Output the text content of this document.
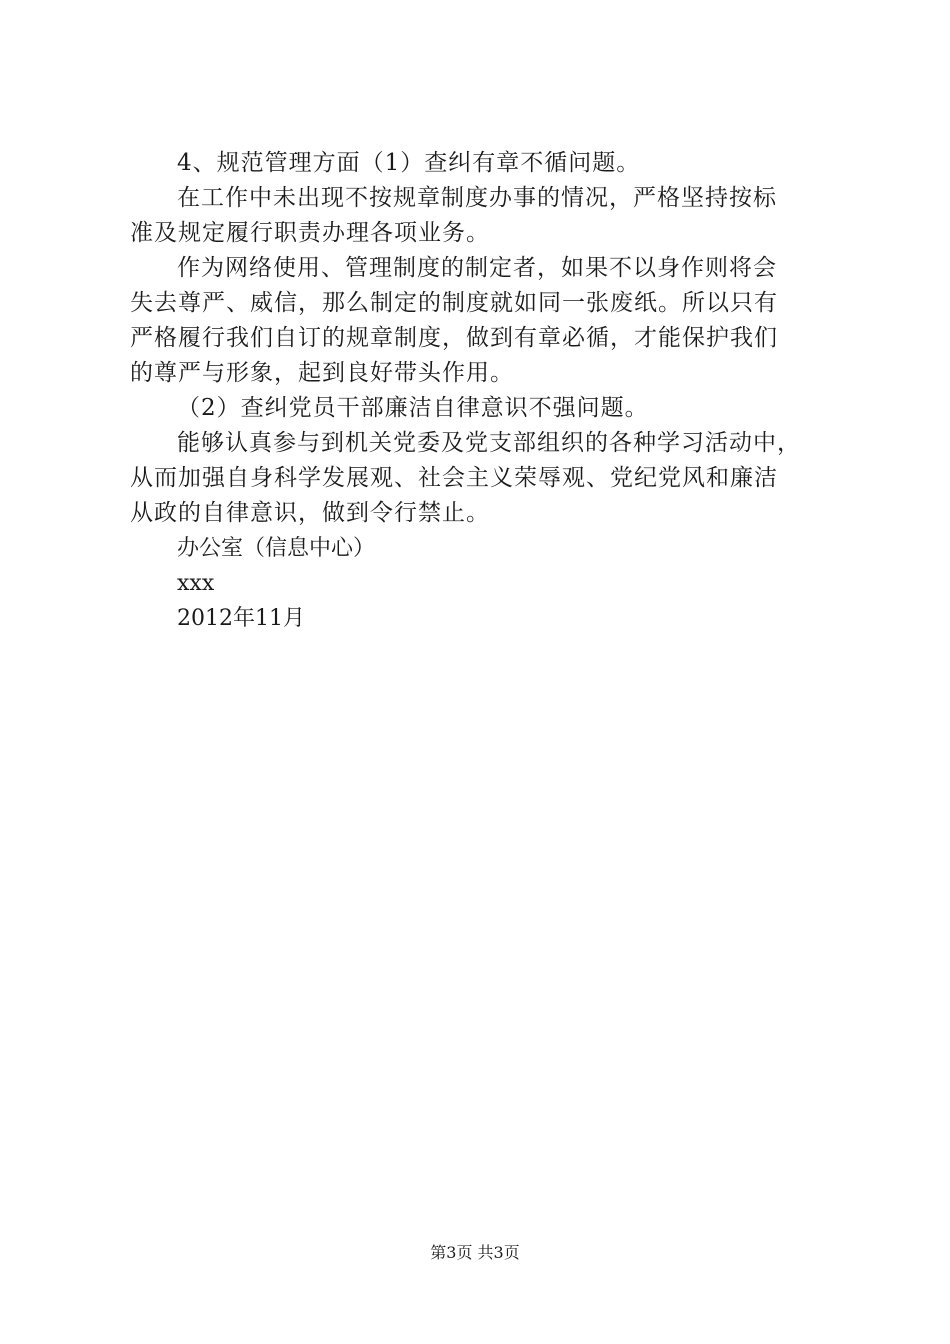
4、规范管理方面（1）查纠有章不循问题。
在工作中未出现不按规章制度办事的情况，严格坚持按标
准及规定履行职责办理各项业务。
作为网络使用、管理制度的制定者，如果不以身作则将会
失去尊严、威信，那么制定的制度就如同一张废纸。所以只有
严格履行我们自订的规章制度，做到有章必循，才能保护我们
的尊严与形象，起到良好带头作用。
（2）查纠党员干部廉洁自律意识不强问题。
能够认真参与到机关党委及党支部组织的各种学习活动中，
从而加强自身科学发展观、社会主义荣辱观、党纪党风和廉洁
从政的自律意识，做到令行禁止。
办公室（信息中心）
xxx
2012年11月
第3页 共3页
